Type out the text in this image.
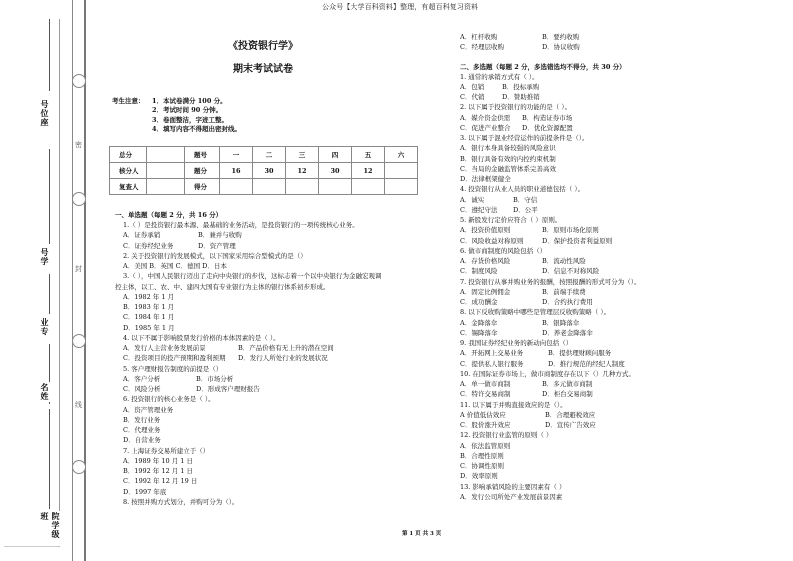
公众号【大学百科资料】整理，有超百科复习资料
号位座
号学
业专
名姓
院学级班
密
封
线
《投资银行学》
期末考试试卷
考生注意： 1．本试卷满分 100 分。
2．考试时间 90 分钟。
3．卷面整洁，字迹工整。
4．填写内容不得超出密封线。
总分		题号	一	二	三	四	五	六
核分人		题分	16	30	12	30	12	
复查人		得分						
一、单选题（每题 2 分，共 16 分）
1.（ ）是投资银行最本源、最基础的业务活动，是投资银行的一项传统核心业务。
A．证券承销	B．兼并与收购
C．证券经纪业务	D．资产管理
2. 关于投资银行的发展模式，以下国家采用综合型模式的是（）
A．美国 B．英国 C．德国 D．日本
3.（ ），中国人民银行迈出了走向中央银行的步伐，这标志着一个以中央银行为金融宏观调
控主体，以工、农、中、建四大国有专业银行为主体的银行体系初步形成。
A．1982 年 1 月
B．1983 年 1 月
C．1984 年 1 月
D．1985 年 1 月
4. 以下不属于影响股票发行价格的本体因素的是（ ）。
A．发行人主营业务发展前景	B．产品价格有无上升的潜在空间
C．投资项目的投产预期和盈利预期	D．发行人所处行业的发展状况
5. 客户理财报告制度的前提是（）
A．客户分析	B．市场分析
C．风险分析	D．形成客户理财报告
6. 投资银行的核心业务是（ ）。
A．资产管理业务
B．发行业务
C．代理业务
D．自营业务
7. 上海证券交易所建立于（）
A．1989 年 10 月 1 日
B．1992 年 12 月 1 日
C．1992 年 12 月 19 日
D．1997 年底
8. 按照并购方式划分，并购可分为（）。
A．杠杆收购	B．要约收购
C．经理层收购	D．协议收购
二、多选题（每题 2 分，多选错选均不得分，共 30 分）
1. 通常的承销方式有（ ）。
A．包销	B．投标承购
C．代销	D．赞助推销
2. 以下属于投资银行的功能的是（ ）。
A．媒介资金供需	B．构造证券市场
C．促进产业整合	D．优化资源配置
3. 以下属于混业经营运作的前提条件是（）。
A．银行本身具备较强的风险意识
B．银行具备有效的内控约束机制
C．当局的金融监管体系完善高效
D．法律框架健全
4. 投资银行从业人员的职业道德包括（ ）。
A．诚实	B．守信
C．遵纪守法	D．公平
5. 新股发行定价应符合（ ）原则。
A．投资价值原则	B．原则市场化原则
C．风险收益对称原则	D．保护投资者利益原则
6. 做市商制度的风险包括（）
A．存货价格风险	B．流动性风险
C．制度风险	D．信息不对称风险
7. 投资银行从事并购业务的报酬，按照报酬的形式可分为（）。
A．固定比例佣金	B．前端手续费
C．成功酬金	D．合约执行费用
8. 以下反收购策略中哪些是管理层反收购策略（ ）。
A．金降落伞	B．银降落伞
C．锡降落伞	D．养老金降落伞
9. 我国证券经纪业务的新动向包括（）
A．开拓网上交易业务	B．提供理财顾问服务
C．提供私人银行服务	D．推行规范的经纪人制度
10. 在国际证券市场上，做市商制度存在以下（）几种方式。
A．单一做市商制	B．多元做市商制
C．特许交易商制	D．柜台交易商制
11. 以下属于并购直接效应的是（）。
A 价值低估效应	B．合理避税效应
C．股价涨升效应	D．宣传广告效应
12. 投资银行业监管的原则（ ）
A．依法监管原则
B．合理性原则
C．协调性原则
D．效率原则
13. 影响承销风险的主要因素有（ ）
A．发行公司所处产业发展前景因素
第 1 页 共 3 页
